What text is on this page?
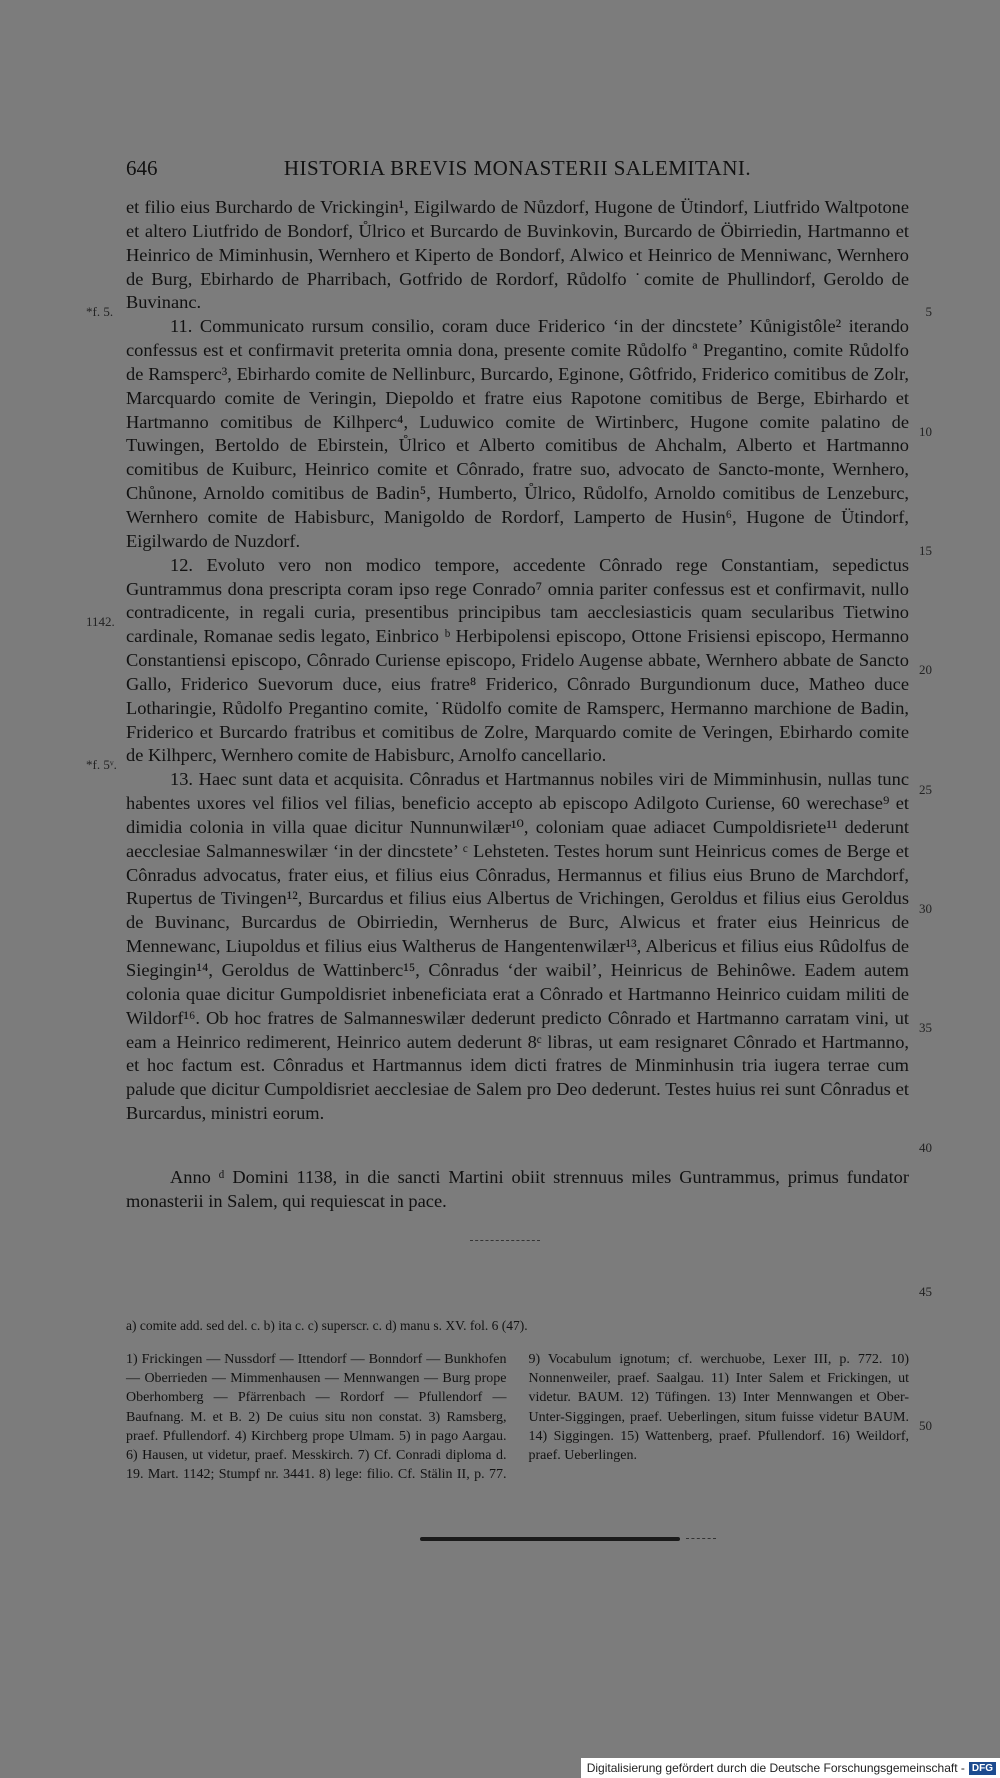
646	HISTORIA BREVIS MONASTERII SALEMITANI.

et filio eius Burchardo de Vrickingin¹, Eigilwardo de Nůzdorf, Hugone de Ütindorf, Liutfrido Waltpotone et altero Liutfrido de Bondorf, Ůlrico et Burcardo de Buvinkovin, Burcardo de Öbirriedin, Hartmanno et Heinrico de Miminhusin, Wernhero et Kiperto de Bondorf, Alwico et Heinrico de Menniwanc, Wernhero de Burg, Ebirhardo de Pharribach, Gotfrido de Rordorf, Růdolfo ˙comite de Phullindorf, Geroldo de Buvinanc.

11. Communicato rursum consilio, coram duce Friderico ‘in der dincstete’ Kůnigistôle² iterando confessus est et confirmavit preterita omnia dona, presente comite Růdolfo ª Pregantino, comite Růdolfo de Ramsperc³, Ebirhardo comite de Nellinburc, Burcardo, Eginone, Gôtfrido, Friderico comitibus de Zolr, Marcquardo comite de Veringin, Diepoldo et fratre eius Rapotone comitibus de Berge, Ebirhardo et Hartmanno comitibus de Kilhperc⁴, Luduwico comite de Wirtinberc, Hugone comite palatino de Tuwingen, Bertoldo de Ebirstein, Ůlrico et Alberto comitibus de Ahchalm, Alberto et Hartmanno comitibus de Kuiburc, Heinrico comite et Cônrado, fratre suo, advocato de Sancto-monte, Wernhero, Chůnone, Arnoldo comitibus de Badin⁵, Humberto, Ůlrico, Růdolfo, Arnoldo comitibus de Lenzeburc, Wernhero comite de Habisburc, Manigoldo de Rordorf, Lamperto de Husin⁶, Hugone de Ütindorf, Eigilwardo de Nuzdorf.

12. Evoluto vero non modico tempore, accedente Cônrado rege Constantiam, sepedictus Guntrammus dona prescripta coram ipso rege Conrado⁷ omnia pariter confessus est et confirmavit, nullo contradicente, in regali curia, presentibus principibus tam aecclesiasticis quam secularibus Tietwino cardinale, Romanae sedis legato, Einbrico ᵇ Herbipolensi episcopo, Ottone Frisiensi episcopo, Hermanno Constantiensi episcopo, Cônrado Curiense episcopo, Fridelo Augense abbate, Wernhero abbate de Sancto Gallo, Friderico Suevorum duce, eius fratre⁸ Friderico, Cônrado Burgundionum duce, Matheo duce Lotharingie, Růdolfo Pregantino comite, ˙Rüdolfo comite de Ramsperc, Hermanno marchione de Badin, Friderico et Burcardo fratribus et comitibus de Zolre, Marquardo comite de Veringen, Ebirhardo comite de Kilhperc, Wernhero comite de Habisburc, Arnolfo cancellario.

13. Haec sunt data et acquisita. Cônradus et Hartmannus nobiles viri de Mimminhusin, nullas tunc habentes uxores vel filios vel filias, beneficio accepto ab episcopo Adilgoto Curiense, 60 werechase⁹ et dimidia colonia in villa quae dicitur Nunnunwilær¹⁰, coloniam quae adiacet Cumpoldisriete¹¹ dederunt aecclesiae Salmanneswilær ‘in der dincstete’ ᶜ Lehsteten. Testes horum sunt Heinricus comes de Berge et Cônradus advocatus, frater eius, et filius eius Cônradus, Hermannus et filius eius Bruno de Marchdorf, Rupertus de Tivingen¹², Burcardus et filius eius Albertus de Vrichingen, Geroldus et filius eius Geroldus de Buvinanc, Burcardus de Obirriedin, Wernherus de Burc, Alwicus et frater eius Heinricus de Mennewanc, Liupoldus et filius eius Waltherus de Hangentenwilær¹³, Albericus et filius eius Rûdolfus de Siegingin¹⁴, Geroldus de Wattinberc¹⁵, Cônradus ‘der waibil’, Heinricus de Behinôwe. Eadem autem colonia quae dicitur Gumpoldisriet inbeneficiata erat a Cônrado et Hartmanno Heinrico cuidam militi de Wildorf¹⁶. Ob hoc fratres de Salmanneswilær dederunt predicto Cônrado et Hartmanno carratam vini, ut eam a Heinrico redimerent, Heinrico autem dederunt 8ᶜ libras, ut eam resignaret Cônrado et Hartmanno, et hoc factum est. Cônradus et Hartmannus idem dicti fratres de Minminhusin tria iugera terrae cum palude que dicitur Cumpoldisriet aecclesiae de Salem pro Deo dederunt. Testes huius rei sunt Cônradus et Burcardus, ministri eorum.

Anno ᵈ Domini 1138, in die sancti Martini obiit strennuus miles Guntrammus, primus fundator monasterii in Salem, qui requiescat in pace.

5
10
15
20
25
30
35
40
45
50
*f. 5.
1142.
*f. 5ᵛ.
a) comite add. sed del. c. b) ita c. c) superscr. c. d) manu s. XV. fol. 6 (47).

1) Frickingen — Nussdorf — Ittendorf — Bonndorf — Bunkhofen — Oberrieden — Mimmenhausen — Mennwangen — Burg prope Oberhomberg — Pfärrenbach — Rordorf — Pfullendorf — Baufnang. M. et B. 2) De cuius situ non constat. 3) Ramsberg, praef. Pfullendorf. 4) Kirchberg prope Ulmam. 5) in pago Aargau. 6) Hausen, ut videtur, praef. Messkirch. 7) Cf. Conradi diploma d. 19. Mart. 1142; Stumpf nr. 3441. 8) lege: filio. Cf. Stälin II, p. 77. 9) Vocabulum ignotum; cf. werchuobe, Lexer III, p. 772. 10) Nonnenweiler, praef. Saalgau. 11) Inter Salem et Frickingen, ut videtur. BAUM. 12) Tüfingen. 13) Inter Mennwangen et Ober-Unter-Siggingen, praef. Ueberlingen, situm fuisse videtur BAUM. 14) Siggingen. 15) Wattenberg, praef. Pfullendorf. 16) Weildorf, praef. Ueberlingen.

Digitalisierung gefördert durch die Deutsche Forschungsgemeinschaft - DFG
